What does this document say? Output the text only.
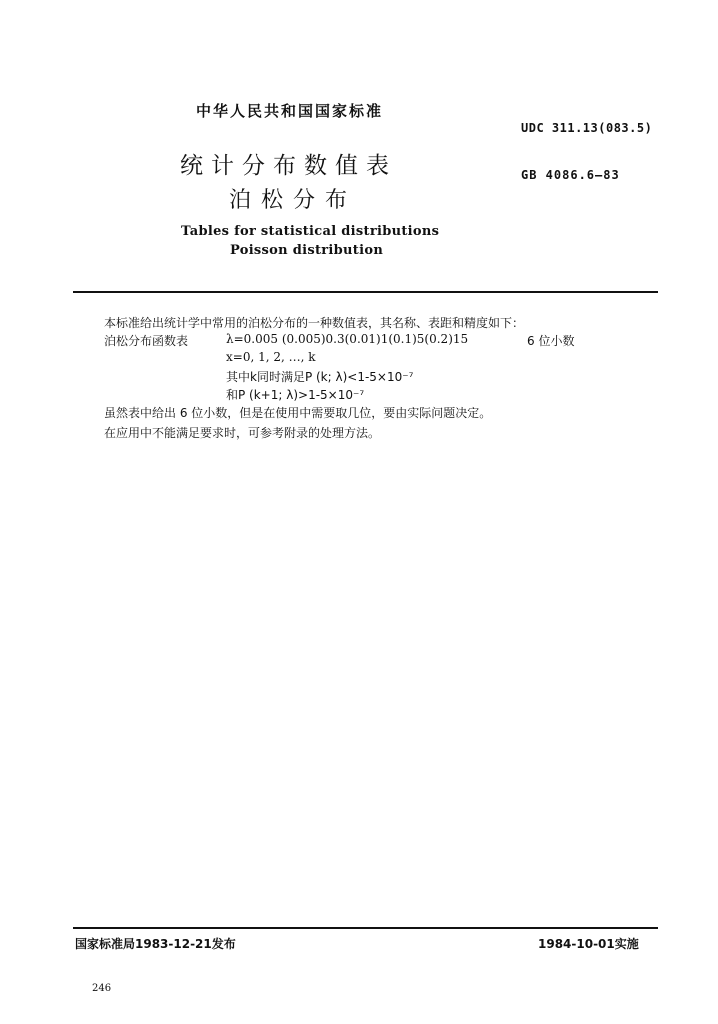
中华人民共和国国家标准
UDC 311.13(083.5)
统计分布数值表	GB 4086.6—83
泊松分布
Tables for statistical distributions
Poisson distribution
本标准给出统计学中常用的泊松分布的一种数值表，其名称、表距和精度如下：
泊松分布函数表	λ=0.005 (0.005)0.3(0.01)1(0.1)5(0.2)15	6 位小数
x=0, 1, 2, …, k
其中k同时满足P (k; λ)<1-5×10⁻⁷
和P (k+1; λ)>1-5×10⁻⁷
虽然表中给出 6 位小数，但是在使用中需要取几位，要由实际问题决定。
在应用中不能满足要求时，可参考附录的处理方法。
国家标准局1983-12-21发布	1984-10-01实施
246
